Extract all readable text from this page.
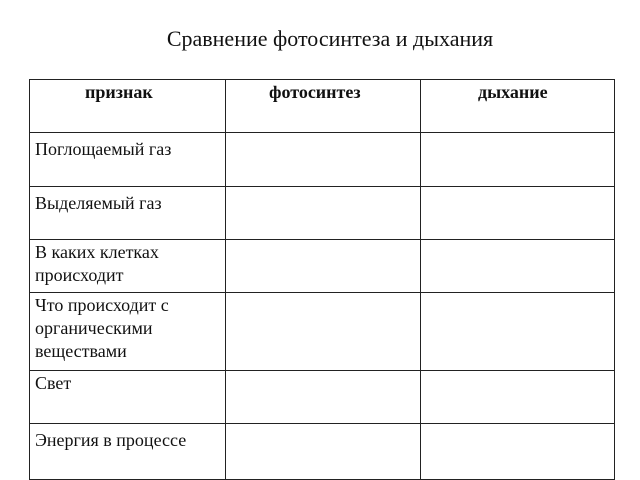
Сравнение фотосинтеза и дыхания
признак	фотосинтез	дыхание
Поглощаемый газ		
Выделяемый газ		
В каких клетках происходит		
Что происходит с органическими веществами		
Свет		
Энергия в процессе		
